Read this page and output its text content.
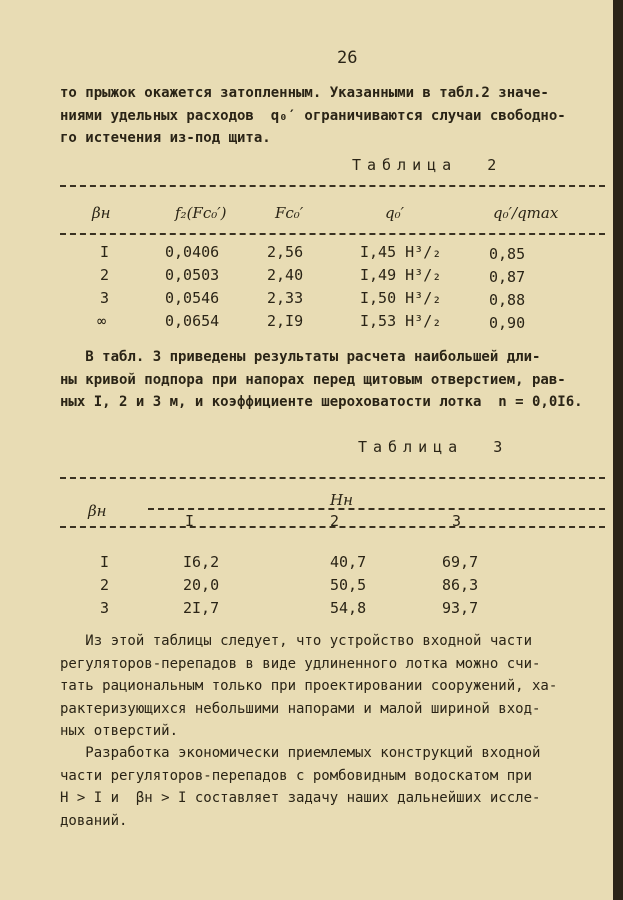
26
то прыжок окажется затопленным. Указанными в табл.2 значе-
ниями удельных расходов  q₀′ ограничиваются случаи свободно-
го истечения из-под щита.
Таблица  2
βн	f₂(Fc₀′)	Fc₀′	q₀′	q₀′/qmax
I	0,0406	2,56	I,45 H³/₂	0,85
2	0,0503	2,40	I,49 H³/₂	0,87
3	0,0546	2,33	I,50 H³/₂	0,88
∞	0,0654	2,I9	I,53 H³/₂	0,90
В табл. 3 приведены результаты расчета наибольшей дли-
ны кривой подпора при напорах перед щитовым отверстием, рав-
ных I, 2 и 3 м, и коэффициенте шероховатости лотка  n = 0,0I6.
Таблица  3
βн
Hн
I	2	3
I	I6,2	40,7	69,7
2	20,0	50,5	86,3
3	2I,7	54,8	93,7
Из этой таблицы следует, что устройство входной части
регуляторов-перепадов в виде удлиненного лотка можно счи-
тать рациональным только при проектировании сооружений, ха-
рактеризующихся небольшими напорами и малой шириной вход-
ных отверстий.
Разработка экономически приемлемых конструкций входной
части регуляторов-перепадов с ромбовидным водоскатом при
Н > I и  βн > I составляет задачу наших дальнейших иссле-
дований.
